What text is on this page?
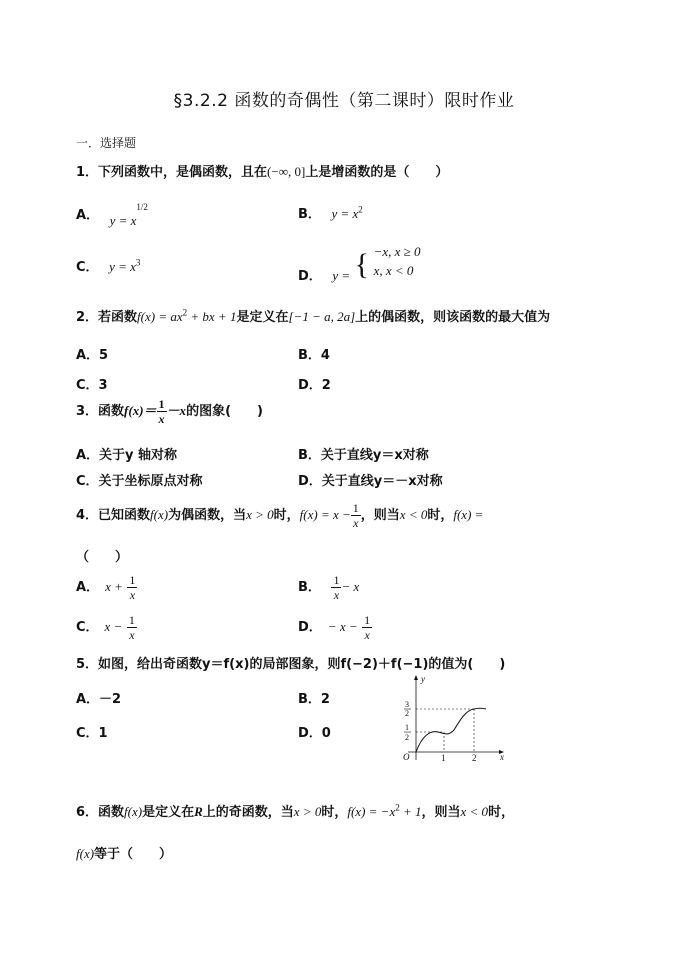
§3.2.2 函数的奇偶性（第二课时）限时作业
一．选择题
1．下列函数中，是偶函数，且在(−∞, 0]上是增函数的是（　　）
A． $y = x^{1/2}$
B． $y = x^2$
C． $y = x^3$
D． y = { −x, x ≥ 0
x, x < 0
2．若函数$f(x) = ax^2$ + bx + 1是定义在[−1 − a, 2a]上的偶函数，则该函数的最大值为
A．5	B．4
C．3	D．2
3．函数$f(x)= \frac{1}{x} -x$的图象(　　)
A．关于y 轴对称	B．关于直线y＝x对称
C．关于坐标原点对称	D．关于直线y＝－x对称
4．已知函数f(x)为偶函数，当x > 0时，$f(x) = x - \frac{1}{x}$ ，则当x < 0时，f(x) =
（　　）
A． $x + \frac{1}{x}$	B． $\frac{1}{x} - x$
C． $x - \frac{1}{x}$	D． − $x - \frac{1}{x}$
5．如图，给出奇函数y＝f(x)的局部图象，则f(−2)＋f(−1)的值为(　　)
A．－2	B．2
C．1	D．0
y
x
O	1	2
3
2
1
2
6．函数f(x)是定义在R上的奇函数，当x > 0时，$f(x) = -x^2 + 1$，则当x < 0时，
f(x)等于（　　）
